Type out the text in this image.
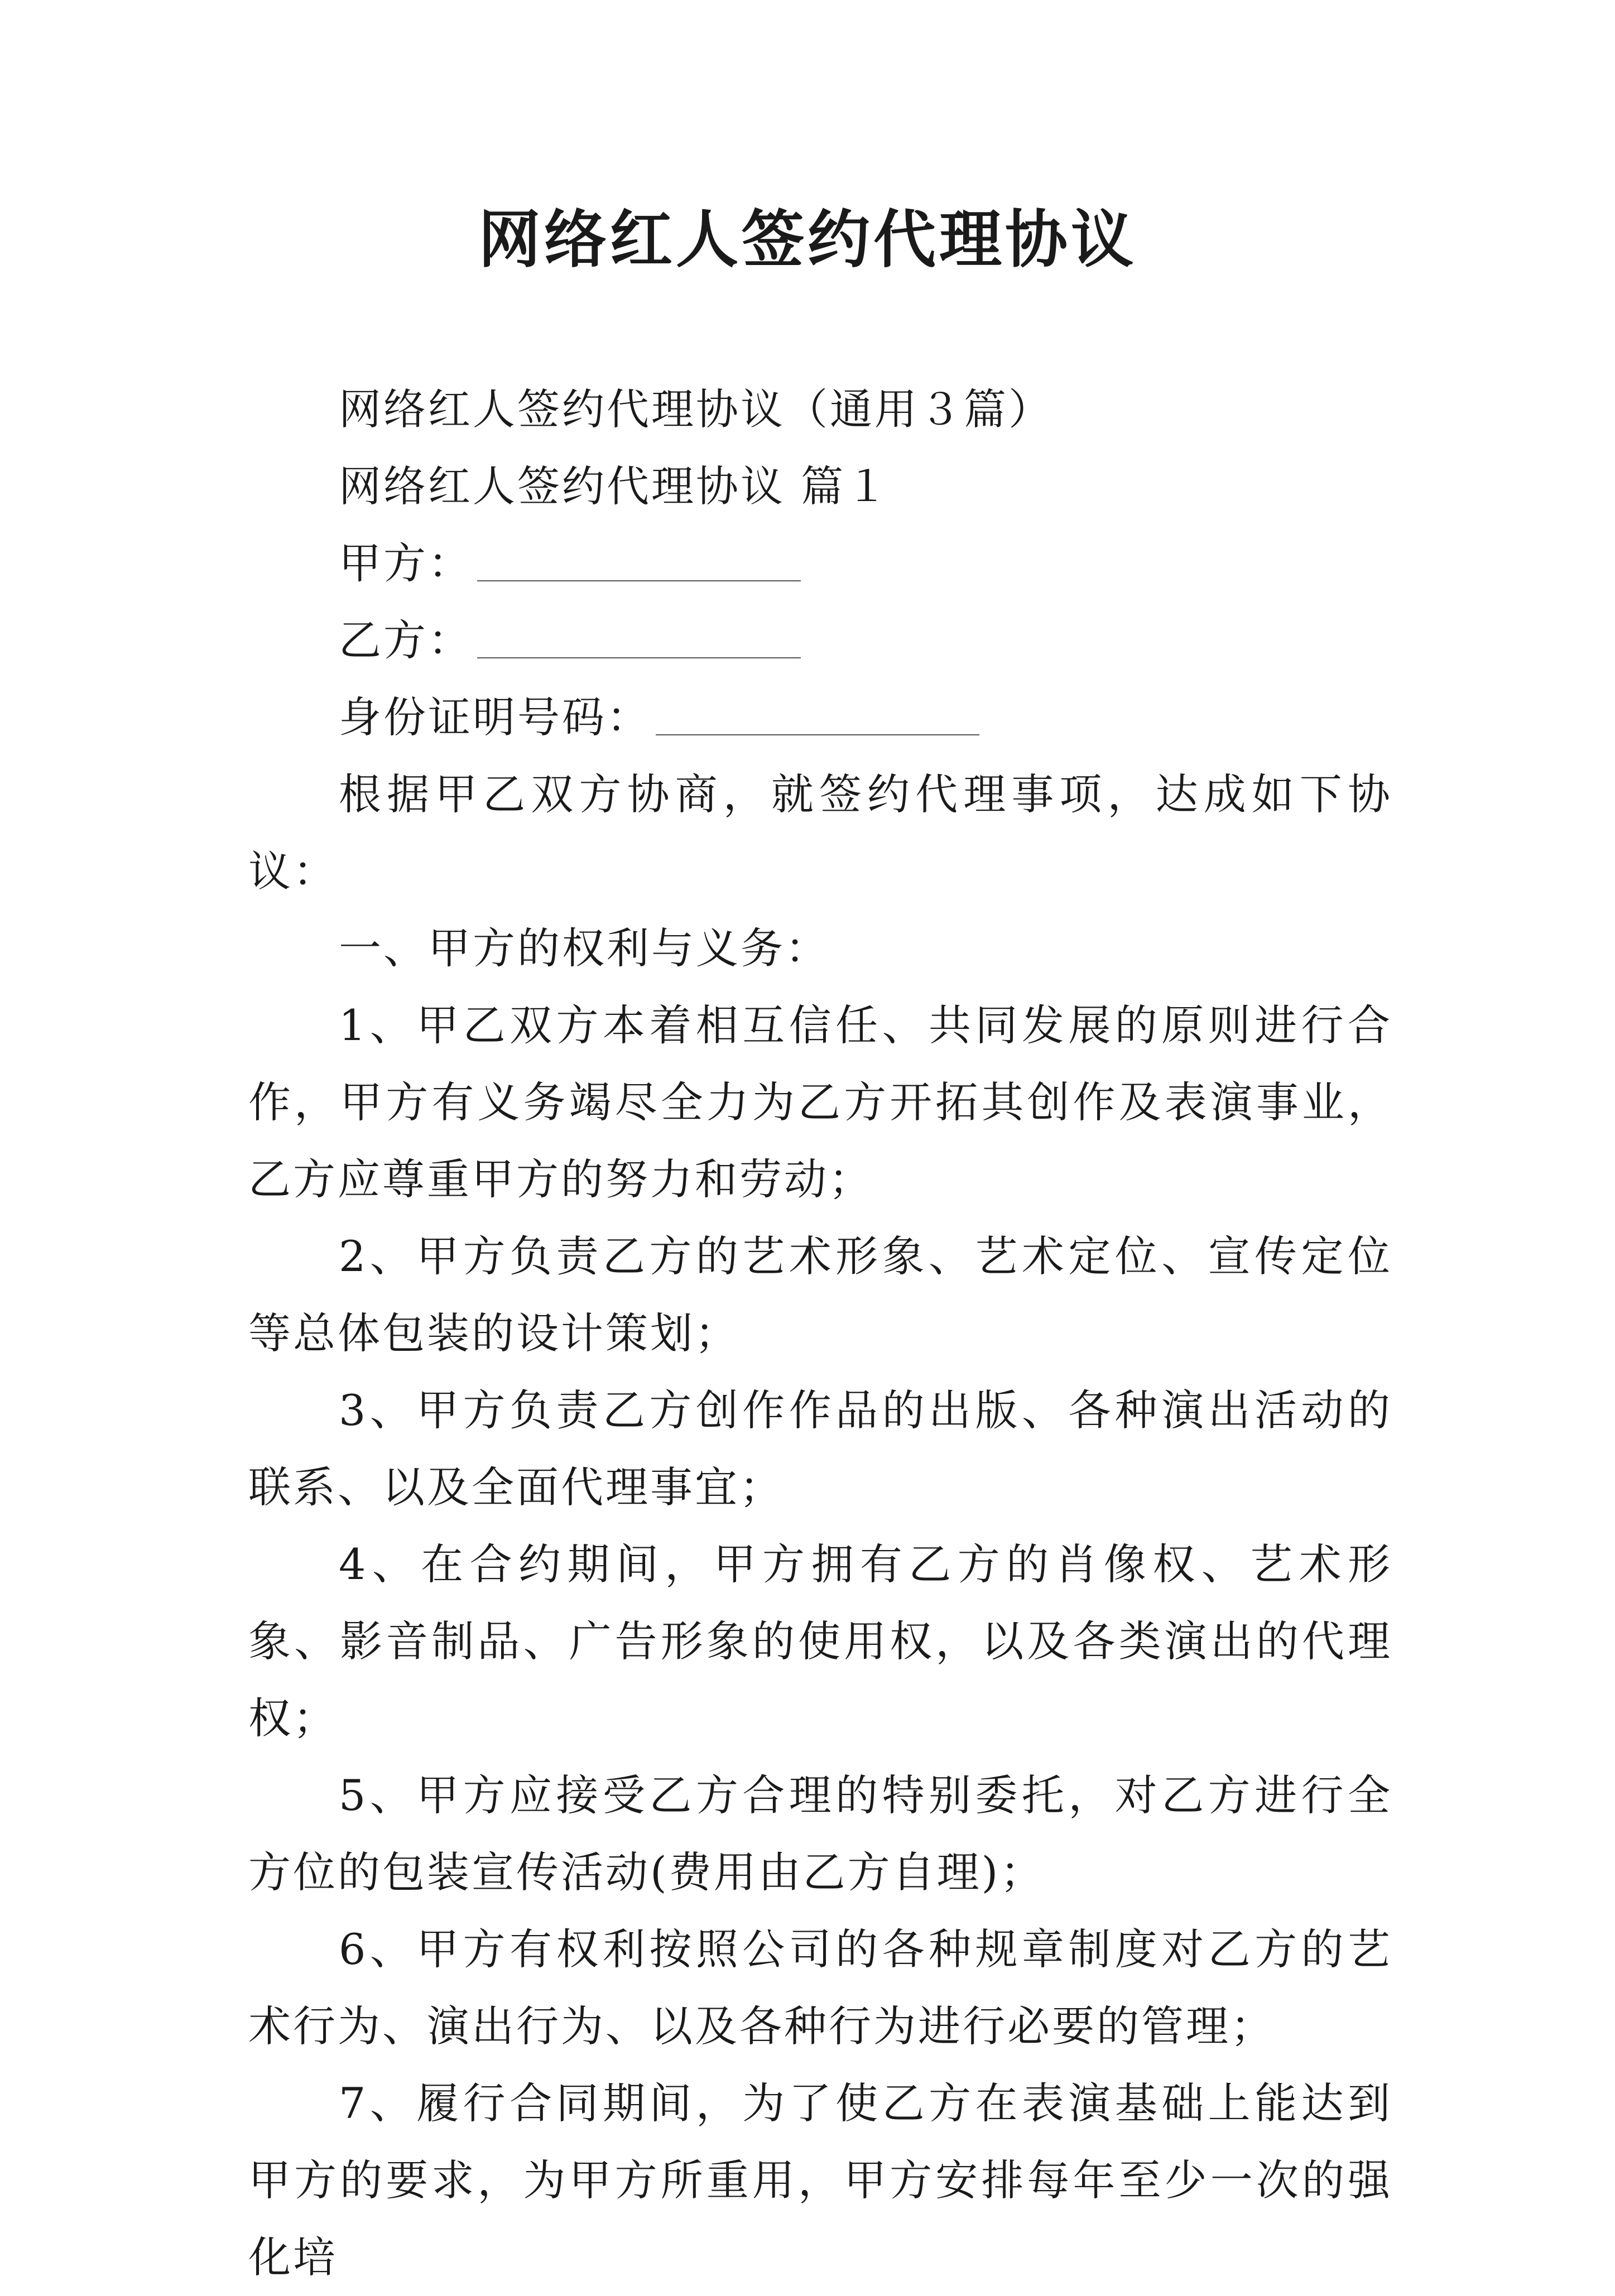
网络红人签约代理协议

网络红人签约代理协议（通用３篇）

网络红人签约代理协议 篇１

甲方：

乙方：

身份证明号码：

根据甲乙双方协商，就签约代理事项，达成如下协议：

一、甲方的权利与义务：

1、甲乙双方本着相互信任、共同发展的原则进行合作，甲方有义务竭尽全力为乙方开拓其创作及表演事业，乙方应尊重甲方的努力和劳动；

2、甲方负责乙方的艺术形象、艺术定位、宣传定位等总体包装的设计策划；

3、甲方负责乙方创作作品的出版、各种演出活动的联系、以及全面代理事宜；

4、在合约期间，甲方拥有乙方的肖像权、艺术形象、影音制品、广告形象的使用权，以及各类演出的代理权；

5、甲方应接受乙方合理的特别委托，对乙方进行全方位的包装宣传活动(费用由乙方自理)；

6、甲方有权利按照公司的各种规章制度对乙方的艺术行为、演出行为、以及各种行为进行必要的管理；

7、履行合同期间，为了使乙方在表演基础上能达到甲方的要求，为甲方所重用，甲方安排每年至少一次的强化培
